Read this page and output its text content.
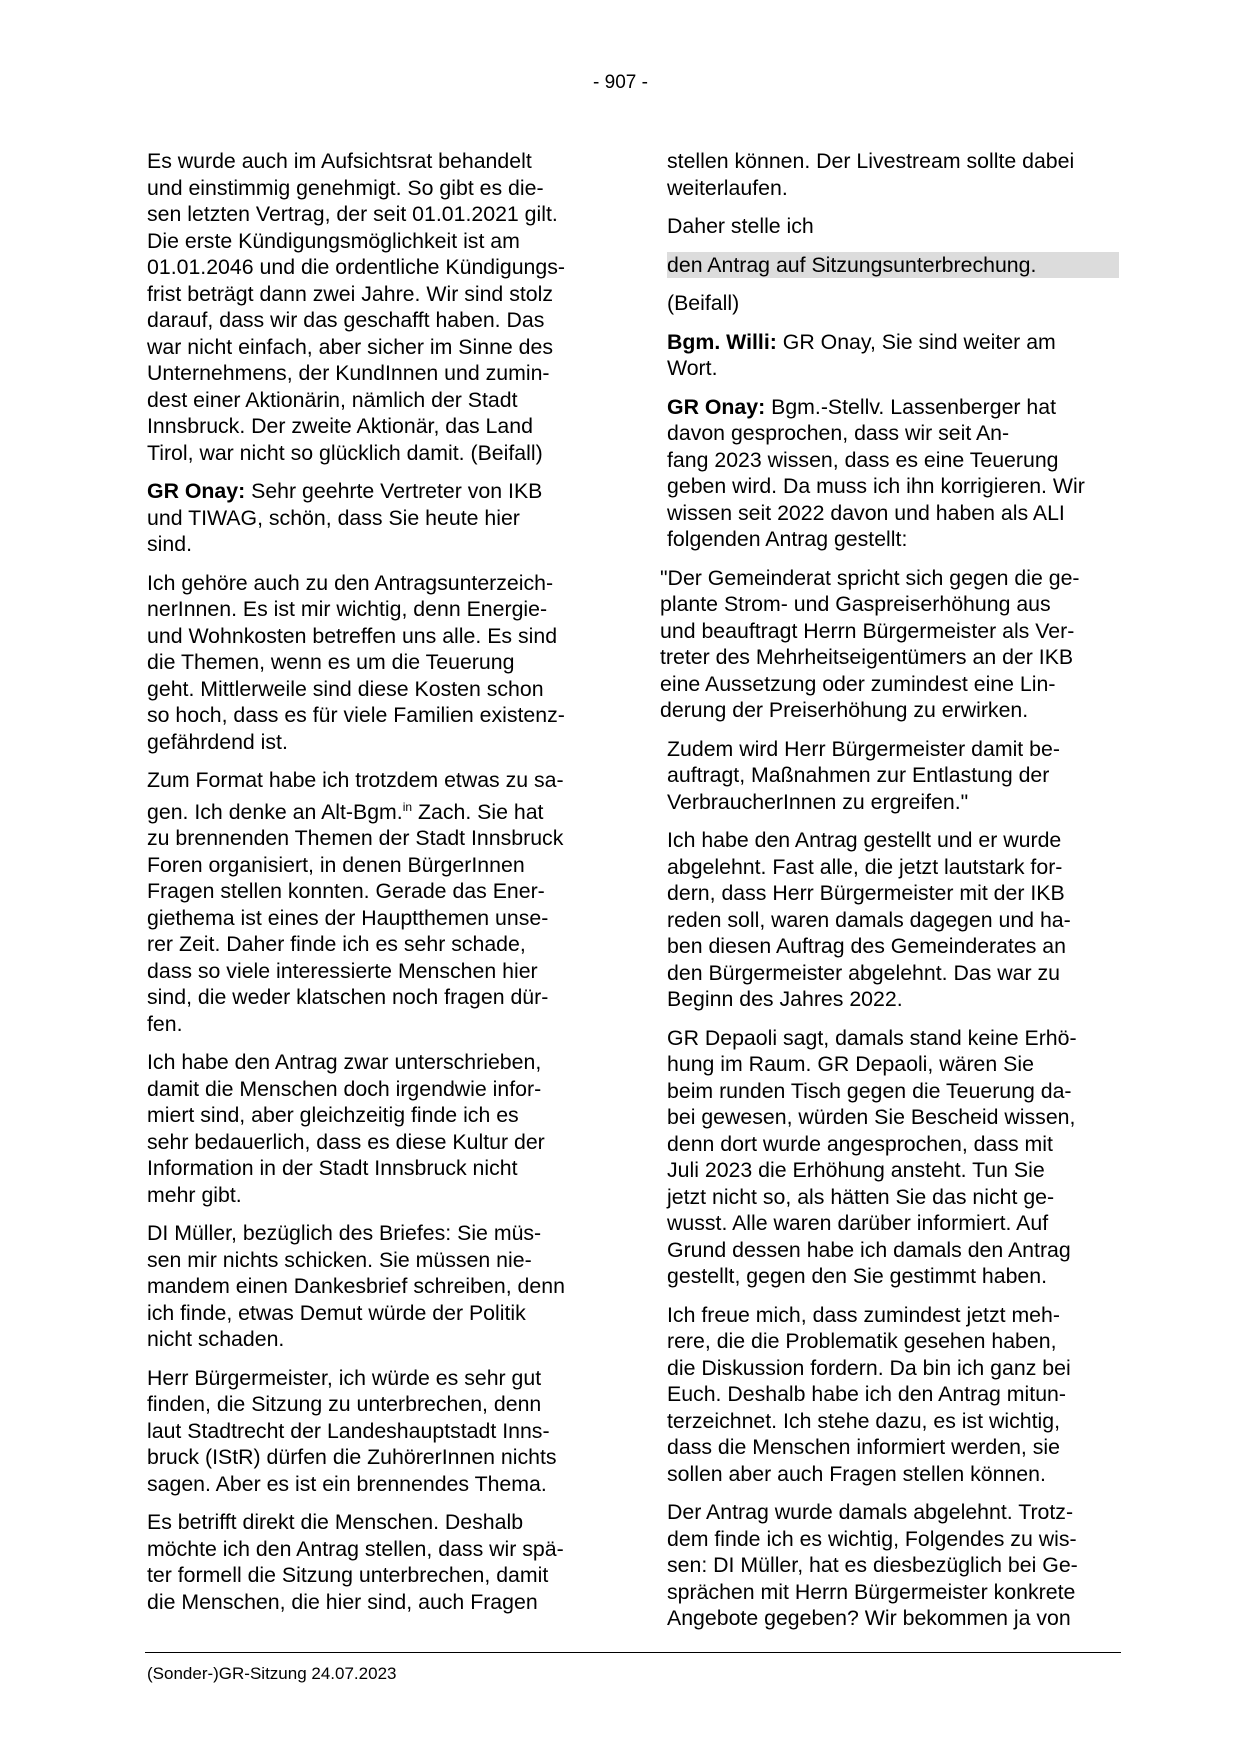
- 907 -

Es wurde auch im Aufsichtsrat behandelt
und einstimmig genehmigt. So gibt es die-
sen letzten Vertrag, der seit 01.01.2021 gilt.
Die erste Kündigungsmöglichkeit ist am
01.01.2046 und die ordentliche Kündigungs-
frist beträgt dann zwei Jahre. Wir sind stolz
darauf, dass wir das geschafft haben. Das
war nicht einfach, aber sicher im Sinne des
Unternehmens, der KundInnen und zumin-
dest einer Aktionärin, nämlich der Stadt
Innsbruck. Der zweite Aktionär, das Land
Tirol, war nicht so glücklich damit. (Beifall)

GR Onay: Sehr geehrte Vertreter von IKB
und TIWAG, schön, dass Sie heute hier
sind.

Ich gehöre auch zu den Antragsunterzeich-
nerInnen. Es ist mir wichtig, denn Energie-
und Wohnkosten betreffen uns alle. Es sind
die Themen, wenn es um die Teuerung
geht. Mittlerweile sind diese Kosten schon
so hoch, dass es für viele Familien existenz-
gefährdend ist.

Zum Format habe ich trotzdem etwas zu sa-
gen. Ich denke an Alt-Bgm.$^{in}$ Zach. Sie hat
zu brennenden Themen der Stadt Innsbruck
Foren organisiert, in denen BürgerInnen
Fragen stellen konnten. Gerade das Ener-
giethema ist eines der Hauptthemen unse-
rer Zeit. Daher finde ich es sehr schade,
dass so viele interessierte Menschen hier
sind, die weder klatschen noch fragen dür-
fen.

Ich habe den Antrag zwar unterschrieben,
damit die Menschen doch irgendwie infor-
miert sind, aber gleichzeitig finde ich es
sehr bedauerlich, dass es diese Kultur der
Information in der Stadt Innsbruck nicht
mehr gibt.

DI Müller, bezüglich des Briefes: Sie müs-
sen mir nichts schicken. Sie müssen nie-
mandem einen Dankesbrief schreiben, denn
ich finde, etwas Demut würde der Politik
nicht schaden.

Herr Bürgermeister, ich würde es sehr gut
finden, die Sitzung zu unterbrechen, denn
laut Stadtrecht der Landeshauptstadt Inns-
bruck (IStR) dürfen die ZuhörerInnen nichts
sagen. Aber es ist ein brennendes Thema.

Es betrifft direkt die Menschen. Deshalb
möchte ich den Antrag stellen, dass wir spä-
ter formell die Sitzung unterbrechen, damit
die Menschen, die hier sind, auch Fragen

stellen können. Der Livestream sollte dabei
weiterlaufen.

Daher stelle ich

den Antrag auf Sitzungsunterbrechung.

(Beifall)

Bgm. Willi: GR Onay, Sie sind weiter am
Wort.

GR Onay: Bgm.-Stellv. Lassenberger hat
davon gesprochen, dass wir seit An-
fang 2023 wissen, dass es eine Teuerung
geben wird. Da muss ich ihn korrigieren. Wir
wissen seit 2022 davon und haben als ALI
folgenden Antrag gestellt:

"Der Gemeinderat spricht sich gegen die ge-
plante Strom- und Gaspreiserhöhung aus
und beauftragt Herrn Bürgermeister als Ver-
treter des Mehrheitseigentümers an der IKB
eine Aussetzung oder zumindest eine Lin-
derung der Preiserhöhung zu erwirken.

Zudem wird Herr Bürgermeister damit be-
auftragt, Maßnahmen zur Entlastung der
VerbraucherInnen zu ergreifen."

Ich habe den Antrag gestellt und er wurde
abgelehnt. Fast alle, die jetzt lautstark for-
dern, dass Herr Bürgermeister mit der IKB
reden soll, waren damals dagegen und ha-
ben diesen Auftrag des Gemeinderates an
den Bürgermeister abgelehnt. Das war zu
Beginn des Jahres 2022.

GR Depaoli sagt, damals stand keine Erhö-
hung im Raum. GR Depaoli, wären Sie
beim runden Tisch gegen die Teuerung da-
bei gewesen, würden Sie Bescheid wissen,
denn dort wurde angesprochen, dass mit
Juli 2023 die Erhöhung ansteht. Tun Sie
jetzt nicht so, als hätten Sie das nicht ge-
wusst. Alle waren darüber informiert. Auf
Grund dessen habe ich damals den Antrag
gestellt, gegen den Sie gestimmt haben.

Ich freue mich, dass zumindest jetzt meh-
rere, die die Problematik gesehen haben,
die Diskussion fordern. Da bin ich ganz bei
Euch. Deshalb habe ich den Antrag mitun-
terzeichnet. Ich stehe dazu, es ist wichtig,
dass die Menschen informiert werden, sie
sollen aber auch Fragen stellen können.

Der Antrag wurde damals abgelehnt. Trotz-
dem finde ich es wichtig, Folgendes zu wis-
sen: DI Müller, hat es diesbezüglich bei Ge-
sprächen mit Herrn Bürgermeister konkrete
Angebote gegeben? Wir bekommen ja von

(Sonder-)GR-Sitzung 24.07.2023
